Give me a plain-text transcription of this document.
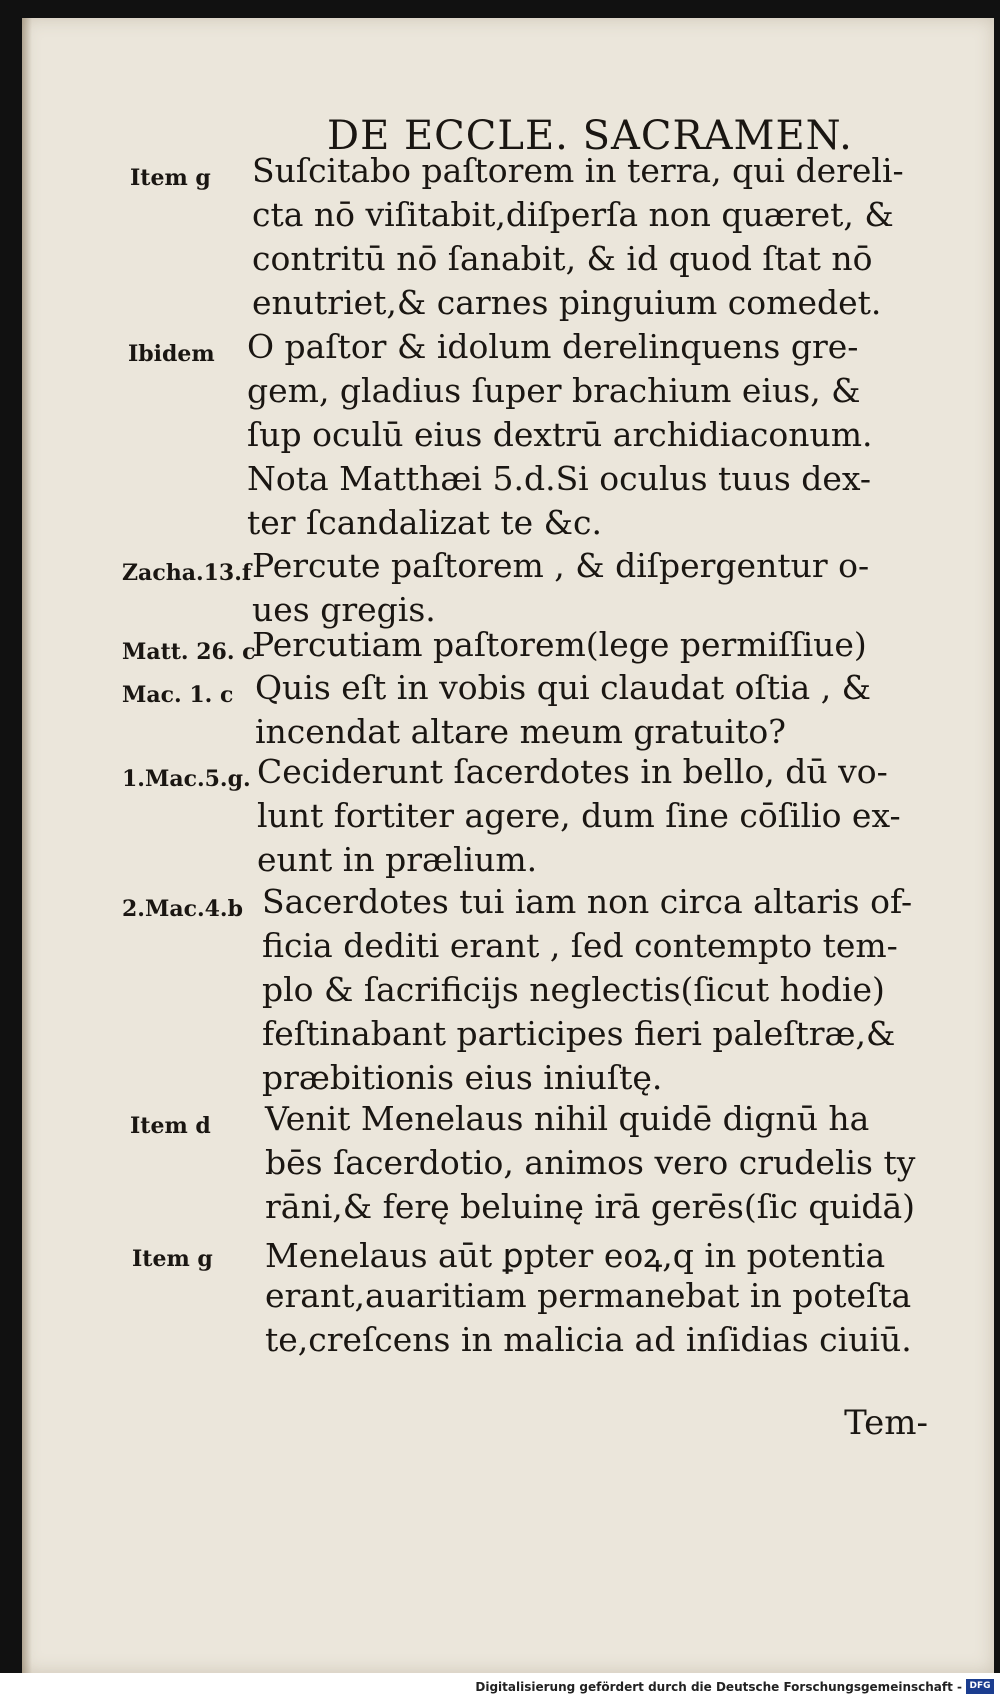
DE ECCLE. SACRAMEN.
Item g Suſcitabo paſtorem in terra, qui dereli-
cta nō viſitabit,diſperſa non quæret, &
contritū nō ſanabit, & id quod ſtat nō
enutriet,& carnes pinguium comedet.
Ibidem O paſtor & idolum derelinquens gre-
gem, gladius ſuper brachium eius, &
ſup oculū eius dextrū archidiaconum.
Nota Matthæi 5.d.Si oculus tuus dex-
ter ſcandalizat te &c.
Zacha.13.f Percute paſtorem , & diſpergentur o-
ues gregis.
Matt. 26. c
Percutiam paſtorem(lege permiſſiue)
Mac. 1. c Quis eſt in vobis qui claudat oſtia , &
incendat altare meum gratuito?
1.Mac.5.g. Ceciderunt ſacerdotes in bello, dū vo-
lunt fortiter agere, dum ſine cōſilio ex-
eunt in prælium.
2.Mac.4.b Sacerdotes tui iam non circa altaris of-
ficia dediti erant , ſed contempto tem-
plo & ſacrificijs neglectis(ſicut hodie)
feſtinabant participes fieri paleſtræ,&
præbitionis eius iniuſtę.
Item d Venit Menelaus nihil quidē dignū ha
bēs ſacerdotio, animos vero crudelis ty
rāni,& ferę beluinę irā gerēs(ſic quidā)
Item g Menelaus aūt ꝑpter eoꝝ,q in potentia
erant,auaritiam permanebat in poteſta
te,creſcens in malicia ad inſidias ciuiū.
Tem-
Digitalisierung gefördert durch die Deutsche Forschungsgemeinschaft - DFG
